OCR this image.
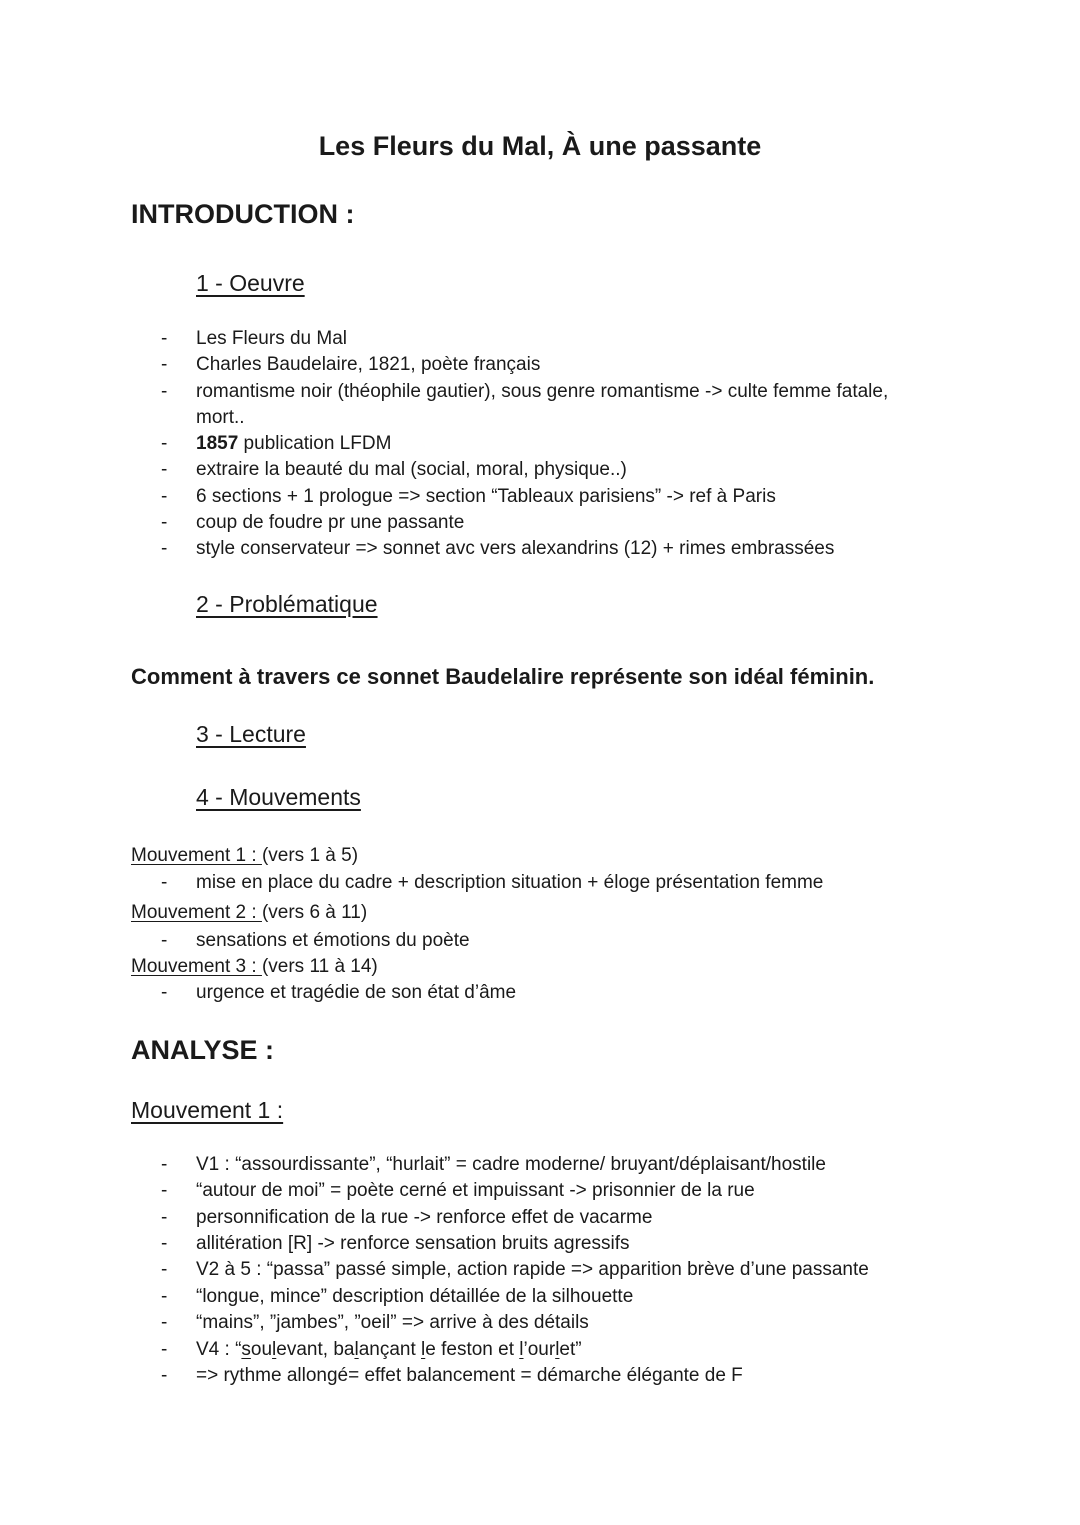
Les Fleurs du Mal, À une passante
INTRODUCTION :
1 - Oeuvre
- Les Fleurs du Mal
- Charles Baudelaire, 1821, poète français
- romantisme noir (théophile gautier), sous genre romantisme -> culte femme fatale, mort..
- 1857 publication LFDM
- extraire la beauté du mal (social, moral, physique..)
- 6 sections + 1 prologue => section “Tableaux parisiens” -> ref à Paris
- coup de foudre pr une passante
- style conservateur => sonnet avc vers alexandrins (12) + rimes embrassées
2 - Problématique
Comment à travers ce sonnet Baudelalire représente son idéal féminin.
3 - Lecture
4 - Mouvements
Mouvement 1 : (vers 1 à 5)
- mise en place du cadre + description situation + éloge présentation femme
Mouvement 2 : (vers 6 à 11)
- sensations et émotions du poète
Mouvement 3 : (vers 11 à 14)
- urgence et tragédie de son état d’âme
ANALYSE :
Mouvement 1 :
- V1 : “assourdissante”, “hurlait” = cadre moderne/ bruyant/déplaisant/hostile
- “autour de moi” = poète cerné et impuissant -> prisonnier de la rue
- personnification de la rue -> renforce effet de vacarme
- allitération [R] -> renforce sensation bruits agressifs
- V2 à 5 : “passa” passé simple, action rapide => apparition brève d’une passante
- “longue, mince” description détaillée de la silhouette
- “mains”, ”jambes”, ”oeil” => arrive à des détails
- V4 : “soulevant, balançant le feston et l’ourlet”
- => rythme allongé= effet balancement = démarche élégante de F
